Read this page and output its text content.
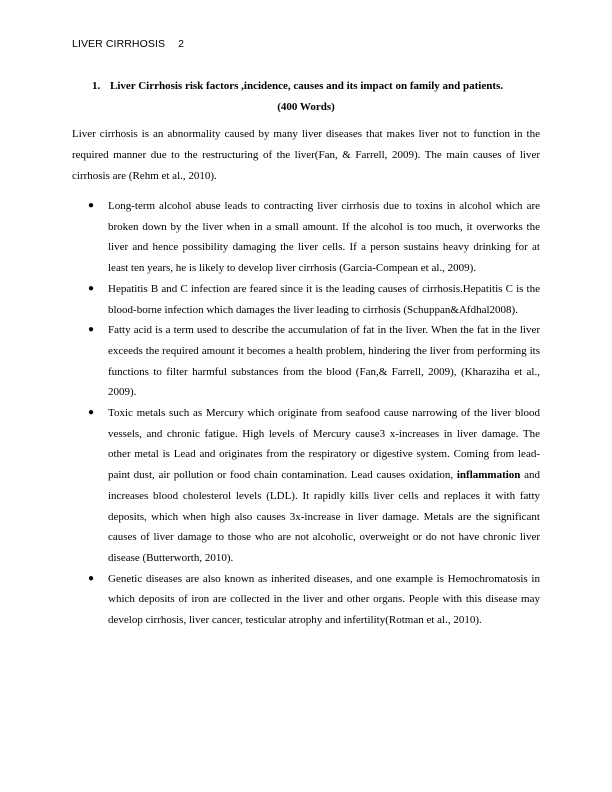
LIVER CIRRHOSIS 2
1. Liver Cirrhosis risk factors ,incidence, causes and its impact on family and patients.
(400 Words)

Liver cirrhosis is an abnormality caused by many liver diseases that makes liver not to function in the required manner due to the restructuring of the liver(Fan, & Farrell, 2009). The main causes of liver cirrhosis are (Rehm et al., 2010).

● Long-term alcohol abuse leads to contracting liver cirrhosis due to toxins in alcohol which are broken down by the liver when in a small amount. If the alcohol is too much, it overworks the liver and hence possibility damaging the liver cells. If a person sustains heavy drinking for at least ten years, he is likely to develop liver cirrhosis (Garcia-Compean et al., 2009).
● Hepatitis B and C infection are feared since it is the leading causes of cirrhosis.Hepatitis C is the blood-borne infection which damages the liver leading to cirrhosis (Schuppan&Afdhal2008).
● Fatty acid is a term used to describe the accumulation of fat in the liver. When the fat in the liver exceeds the required amount it becomes a health problem, hindering the liver from performing its functions to filter harmful substances from the blood (Fan,& Farrell, 2009), (Kharaziha et al., 2009).
● Toxic metals such as Mercury which originate from seafood cause narrowing of the liver blood vessels, and chronic fatigue. High levels of Mercury cause3 x-increases in liver damage. The other metal is Lead and originates from the respiratory or digestive system. Coming from lead-paint dust, air pollution or food chain contamination. Lead causes oxidation, inflammation and increases blood cholesterol levels (LDL). It rapidly kills liver cells and replaces it with fatty deposits, which when high also causes 3x-increase in liver damage. Metals are the significant causes of liver damage to those who are not alcoholic, overweight or do not have chronic liver disease (Butterworth, 2010).
● Genetic diseases are also known as inherited diseases, and one example is Hemochromatosis in which deposits of iron are collected in the liver and other organs. People with this disease may develop cirrhosis, liver cancer, testicular atrophy and infertility(Rotman et al., 2010).
